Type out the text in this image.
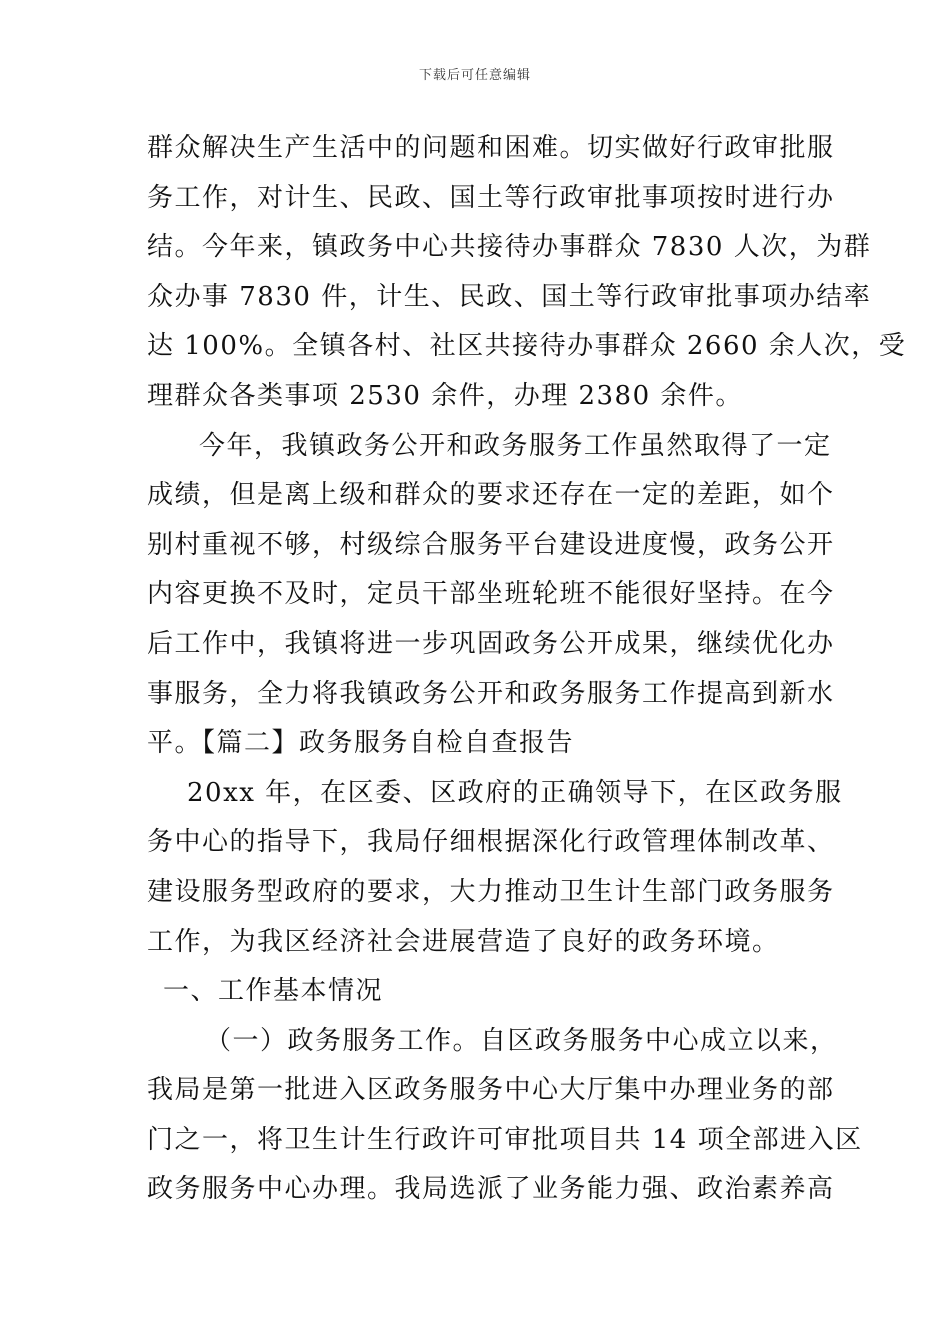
下载后可任意编辑
群众解决生产生活中的问题和困难。切实做好行政审批服
务工作，对计生、民政、国土等行政审批事项按时进行办
结。今年来，镇政务中心共接待办事群众 7830 人次，为群
众办事 7830 件，计生、民政、国土等行政审批事项办结率
达 100%。全镇各村、社区共接待办事群众 2660 余人次，受
理群众各类事项 2530 余件，办理 2380 余件。
今年，我镇政务公开和政务服务工作虽然取得了一定
成绩，但是离上级和群众的要求还存在一定的差距，如个
别村重视不够，村级综合服务平台建设进度慢，政务公开
内容更换不及时，定员干部坐班轮班不能很好坚持。在今
后工作中，我镇将进一步巩固政务公开成果，继续优化办
事服务，全力将我镇政务公开和政务服务工作提高到新水
平。【篇二】政务服务自检自查报告
20xx 年，在区委、区政府的正确领导下，在区政务服
务中心的指导下，我局仔细根据深化行政管理体制改革、
建设服务型政府的要求，大力推动卫生计生部门政务服务
工作，为我区经济社会进展营造了良好的政务环境。
一、工作基本情况
（一）政务服务工作。自区政务服务中心成立以来，
我局是第一批进入区政务服务中心大厅集中办理业务的部
门之一，将卫生计生行政许可审批项目共 14 项全部进入区
政务服务中心办理。我局选派了业务能力强、政治素养高
